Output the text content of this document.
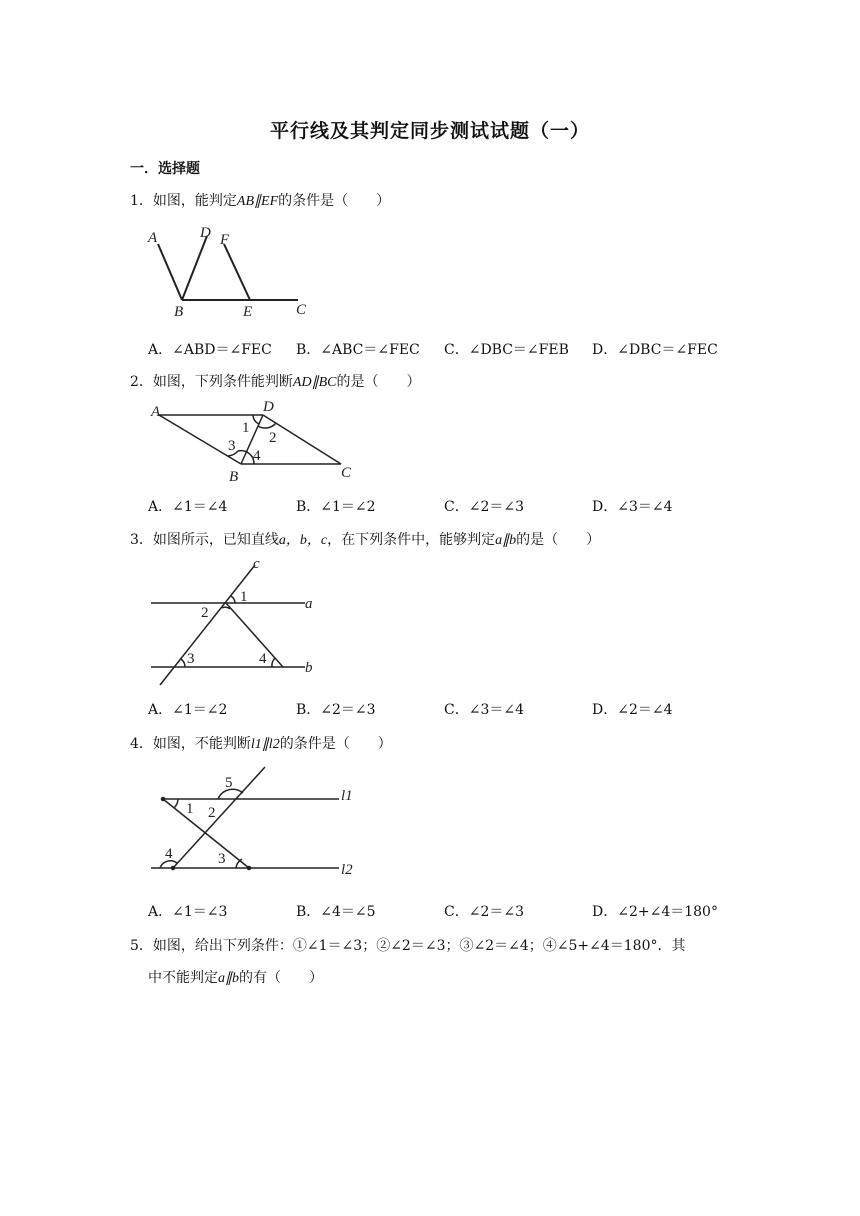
平行线及其判定同步测试试题（一）
一．选择题
1．如图，能判定AB∥EF的条件是（　　）
A	D F
B	E	C
A．∠ABD＝∠FEC B．∠ABC＝∠FEC C．∠DBC＝∠FEB D．∠DBC＝∠FEC
2．如图，下列条件能判断AD∥BC的是（　　）
A	D
B	C
1
2
3
4
A．∠1＝∠4	B．∠1＝∠2	C．∠2＝∠3	D．∠3＝∠4
3．如图所示，已知直线a，b，c，在下列条件中，能够判定a∥b的是（　　）
c
a
b
1
2
3	4
A．∠1＝∠2	B．∠2＝∠3	C．∠3＝∠4	D．∠2＝∠4
4．如图，不能判断l1∥l2的条件是（　　）
l1
l2
1 2
3
4
5
A．∠1＝∠3	B．∠4＝∠5	C．∠2＝∠3	D．∠2+∠4＝180°
5．如图，给出下列条件：①∠1＝∠3；②∠2＝∠3；③∠2＝∠4；④∠5+∠4＝180°．其
中不能判定a∥b的有（　　）
